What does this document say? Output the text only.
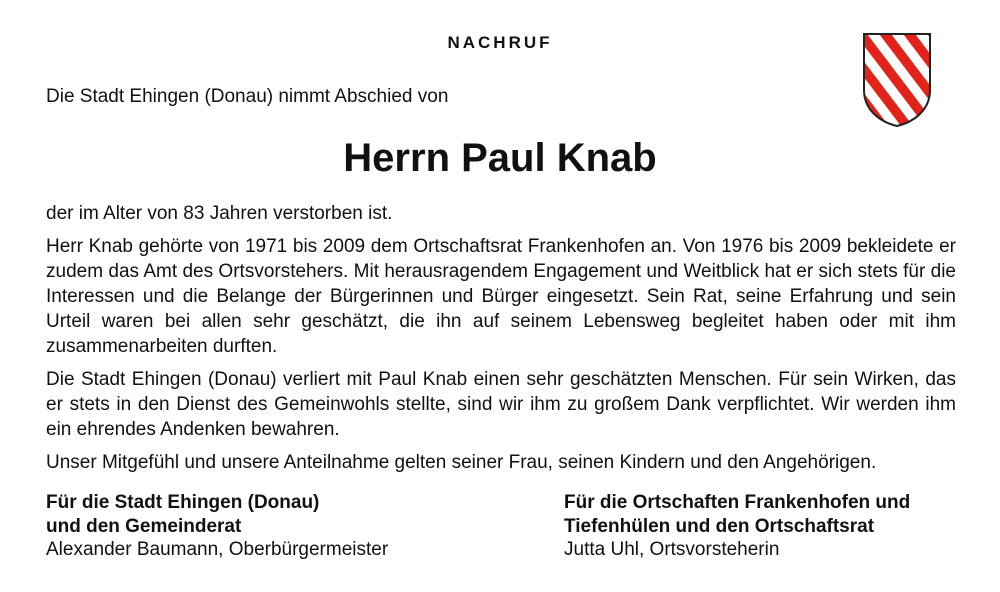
NACHRUF
Die Stadt Ehingen (Donau) nimmt Abschied von
Herrn Paul Knab

der im Alter von 83 Jahren verstorben ist.

Herr Knab gehörte von 1971 bis 2009 dem Ortschaftsrat Frankenhofen an. Von 1976 bis 2009 bekleidete er zudem das Amt des Ortsvorstehers. Mit herausragendem Engagement und Weitblick hat er sich stets für die Interessen und die Belange der Bürgerinnen und Bürger eingesetzt. Sein Rat, seine Erfahrung und sein Urteil waren bei allen sehr geschätzt, die ihn auf seinem Lebensweg begleitet haben oder mit ihm zusammenarbeiten durften.

Die Stadt Ehingen (Donau) verliert mit Paul Knab einen sehr geschätzten Menschen. Für sein Wirken, das er stets in den Dienst des Gemeinwohls stellte, sind wir ihm zu großem Dank verpflichtet. Wir werden ihm ein ehrendes Andenken bewahren.

Unser Mitgefühl und unsere Anteilnahme gelten seiner Frau, seinen Kindern und den Angehörigen.

Für die Stadt Ehingen (Donau)
und den Gemeinderat
Alexander Baumann, Oberbürgermeister
Für die Ortschaften Frankenhofen und
Tiefenhülen und den Ortschaftsrat
Jutta Uhl, Ortsvorsteherin
